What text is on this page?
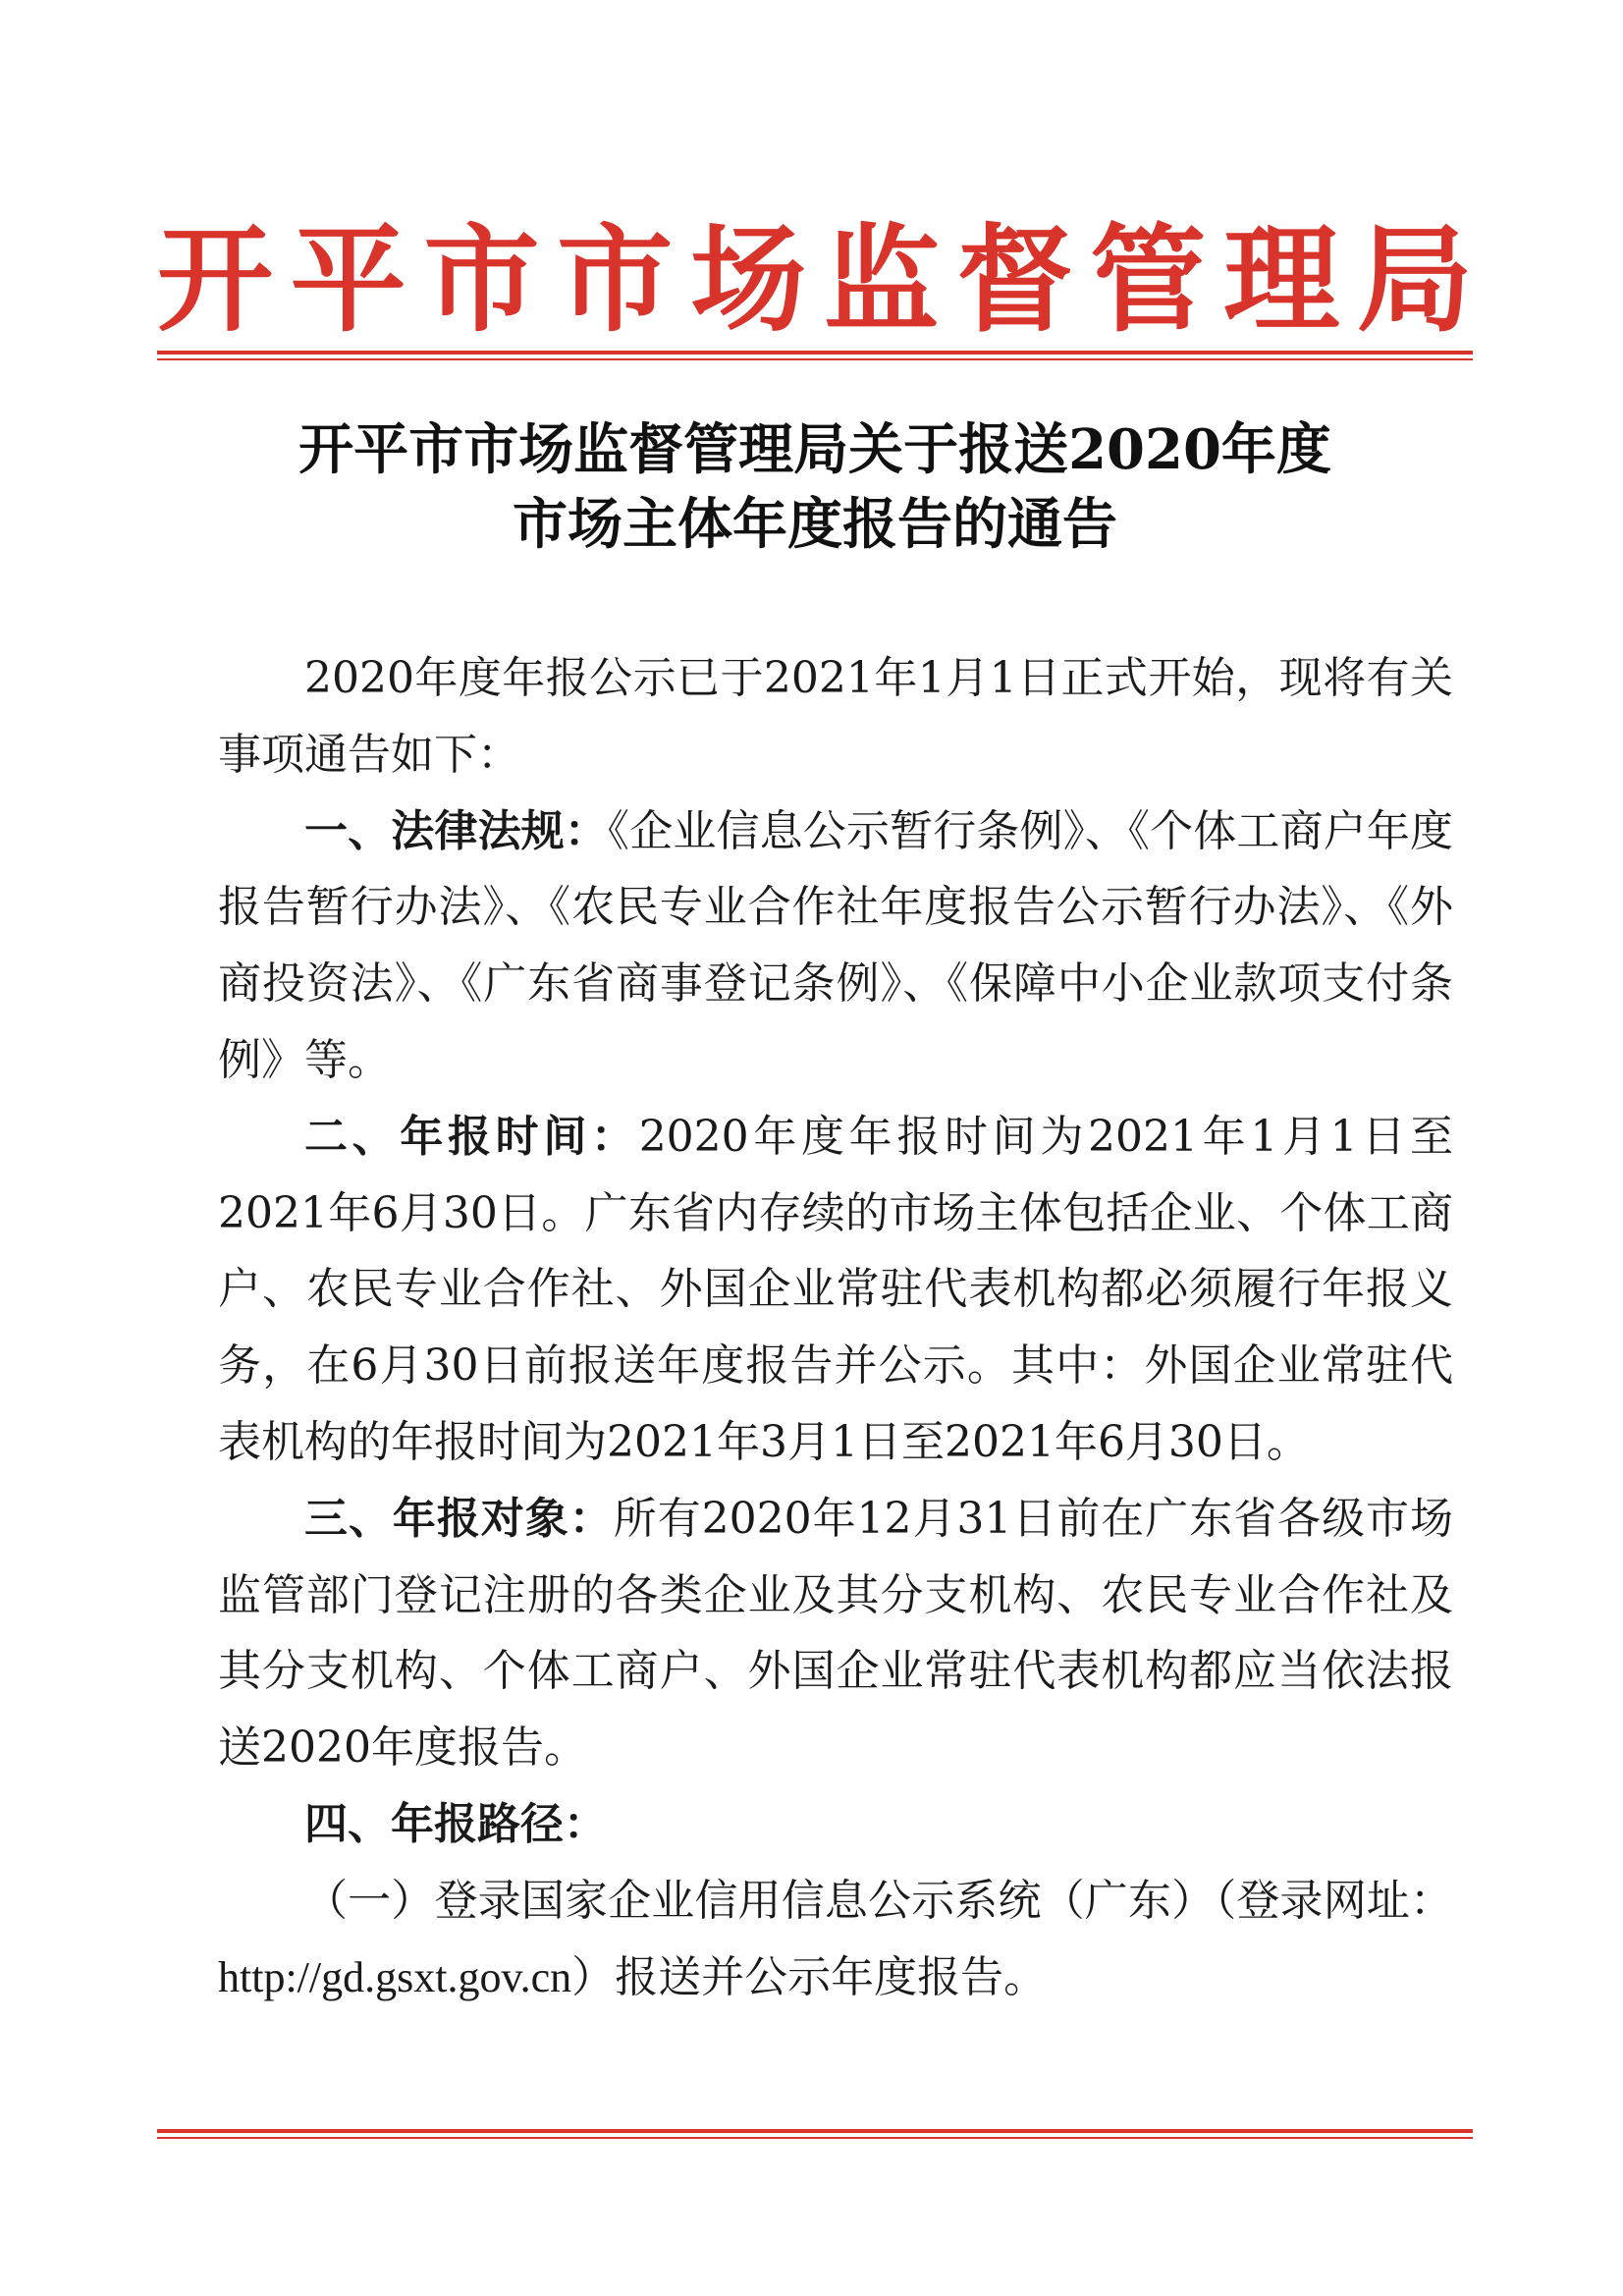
开 平 市 市 场 监 督 管 理 局
开平市市场监督管理局关于报送2020年度
市场主体年度报告的通告

2020年度年报公示已于2021年1月1日正式开始，现将有关事项通告如下：

一、法律法规：《企业信息公示暂行条例》、《个体工商户年度报告暂行办法》、《农民专业合作社年度报告公示暂行办法》、《外商投资法》、《广东省商事登记条例》、《保障中小企业款项支付条例》等。

二、年报时间：2020年度年报时间为2021年1月1日至2021年6月30日。广东省内存续的市场主体包括企业、个体工商户、农民专业合作社、外国企业常驻代表机构都必须履行年报义务，在6月30日前报送年度报告并公示。其中：外国企业常驻代表机构的年报时间为2021年3月1日至2021年6月30日。

三、年报对象：所有2020年12月31日前在广东省各级市场监管部门登记注册的各类企业及其分支机构、农民专业合作社及其分支机构、个体工商户、外国企业常驻代表机构都应当依法报送2020年度报告。

四、年报路径：

（一）登录国家企业信用信息公示系统（广东）（登录网址：http://gd.gsxt.gov.cn）报送并公示年度报告。
